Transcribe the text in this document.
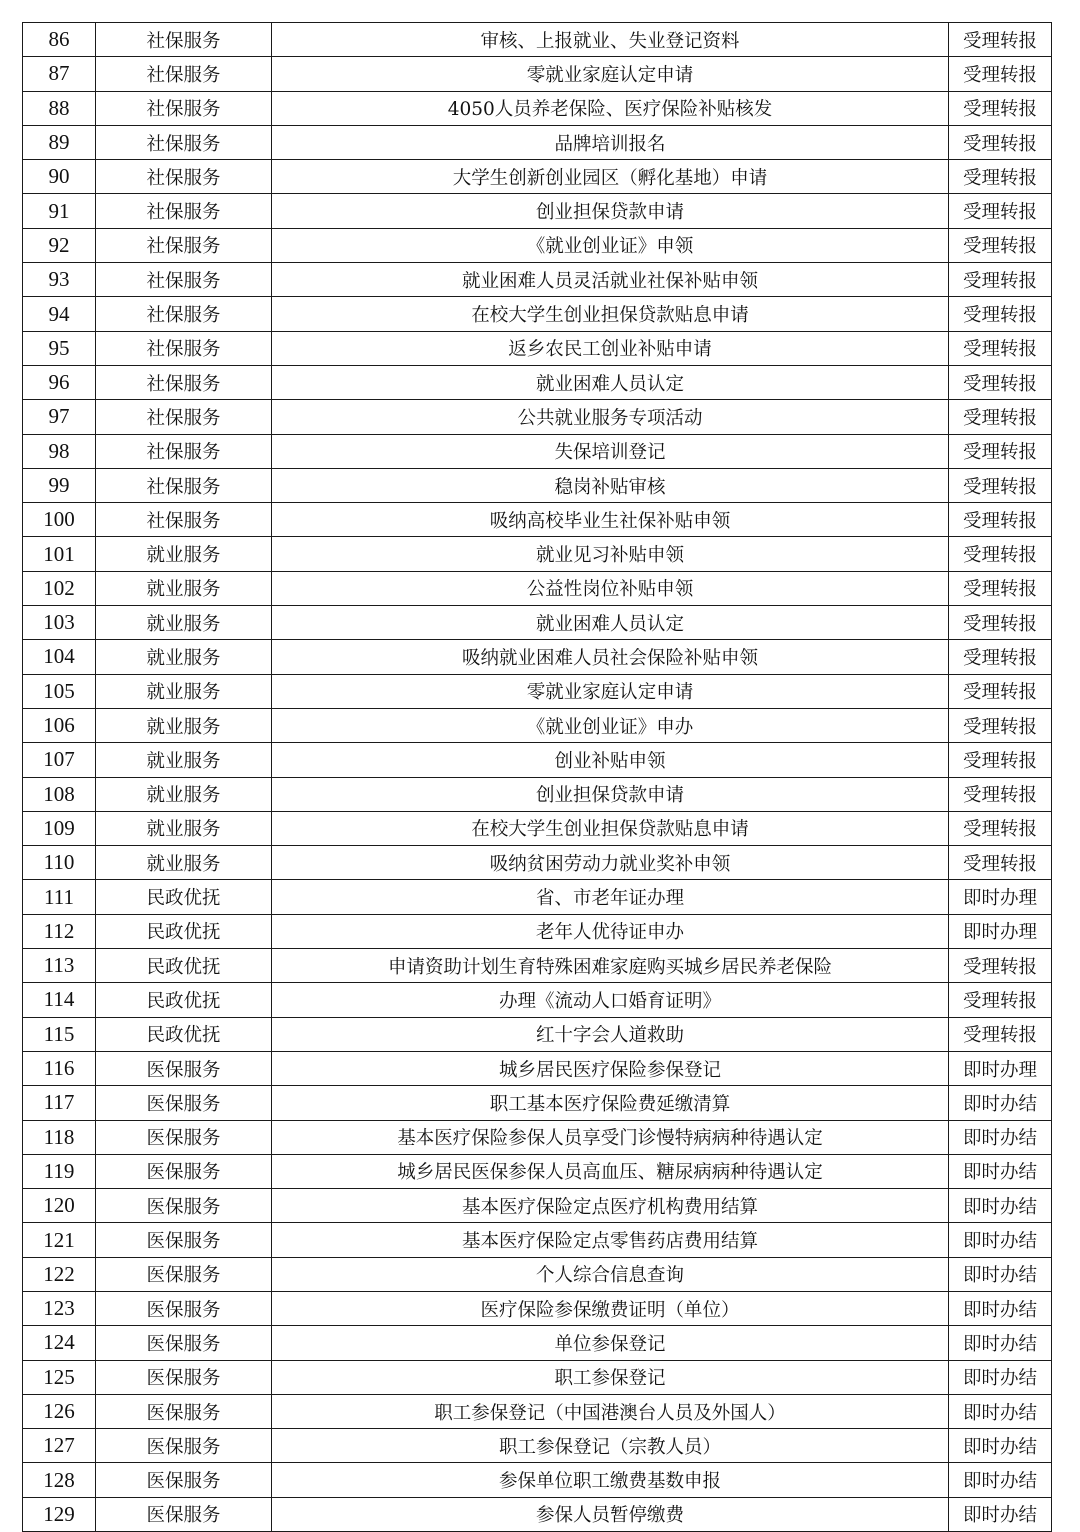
86	社保服务	审核、上报就业、失业登记资料	受理转报
87	社保服务	零就业家庭认定申请	受理转报
88	社保服务	4050人员养老保险、医疗保险补贴核发	受理转报
89	社保服务	品牌培训报名	受理转报
90	社保服务	大学生创新创业园区（孵化基地）申请	受理转报
91	社保服务	创业担保贷款申请	受理转报
92	社保服务	《就业创业证》申领	受理转报
93	社保服务	就业困难人员灵活就业社保补贴申领	受理转报
94	社保服务	在校大学生创业担保贷款贴息申请	受理转报
95	社保服务	返乡农民工创业补贴申请	受理转报
96	社保服务	就业困难人员认定	受理转报
97	社保服务	公共就业服务专项活动	受理转报
98	社保服务	失保培训登记	受理转报
99	社保服务	稳岗补贴审核	受理转报
100	社保服务	吸纳高校毕业生社保补贴申领	受理转报
101	就业服务	就业见习补贴申领	受理转报
102	就业服务	公益性岗位补贴申领	受理转报
103	就业服务	就业困难人员认定	受理转报
104	就业服务	吸纳就业困难人员社会保险补贴申领	受理转报
105	就业服务	零就业家庭认定申请	受理转报
106	就业服务	《就业创业证》申办	受理转报
107	就业服务	创业补贴申领	受理转报
108	就业服务	创业担保贷款申请	受理转报
109	就业服务	在校大学生创业担保贷款贴息申请	受理转报
110	就业服务	吸纳贫困劳动力就业奖补申领	受理转报
111	民政优抚	省、市老年证办理	即时办理
112	民政优抚	老年人优待证申办	即时办理
113	民政优抚	申请资助计划生育特殊困难家庭购买城乡居民养老保险	受理转报
114	民政优抚	办理《流动人口婚育证明》	受理转报
115	民政优抚	红十字会人道救助	受理转报
116	医保服务	城乡居民医疗保险参保登记	即时办理
117	医保服务	职工基本医疗保险费延缴清算	即时办结
118	医保服务	基本医疗保险参保人员享受门诊慢特病病种待遇认定	即时办结
119	医保服务	城乡居民医保参保人员高血压、糖尿病病种待遇认定	即时办结
120	医保服务	基本医疗保险定点医疗机构费用结算	即时办结
121	医保服务	基本医疗保险定点零售药店费用结算	即时办结
122	医保服务	个人综合信息查询	即时办结
123	医保服务	医疗保险参保缴费证明（单位）	即时办结
124	医保服务	单位参保登记	即时办结
125	医保服务	职工参保登记	即时办结
126	医保服务	职工参保登记（中国港澳台人员及外国人）	即时办结
127	医保服务	职工参保登记（宗教人员）	即时办结
128	医保服务	参保单位职工缴费基数申报	即时办结
129	医保服务	参保人员暂停缴费	即时办结
